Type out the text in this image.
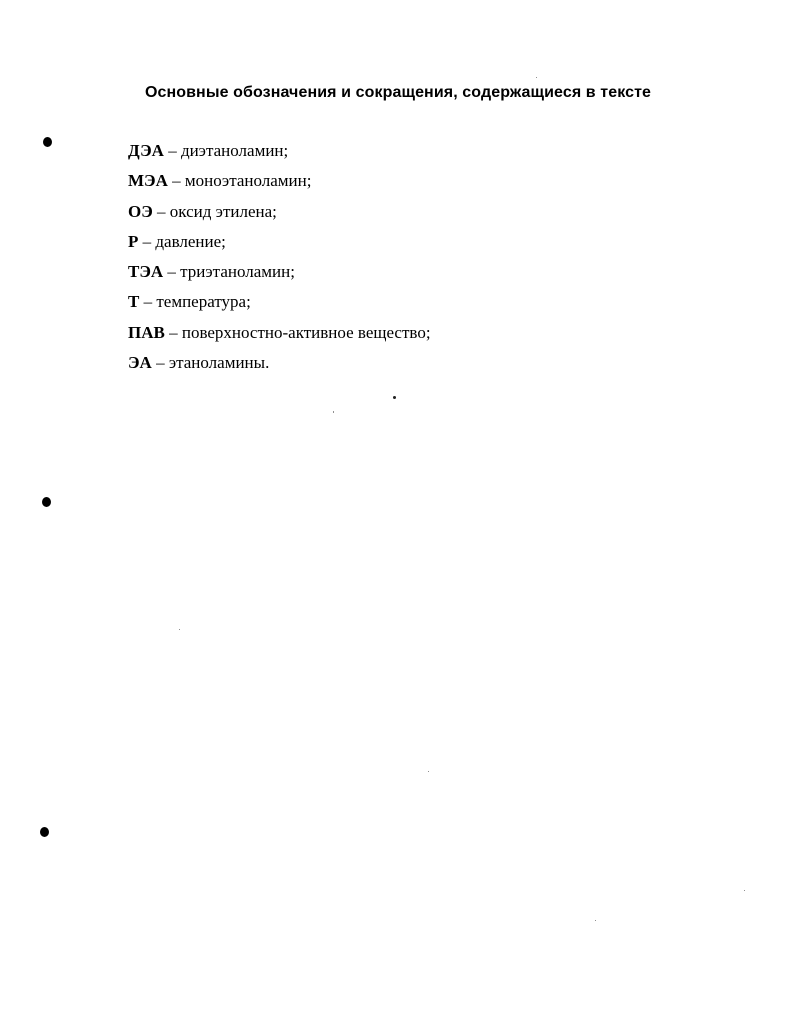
Основные обозначения и сокращения, содержащиеся в тексте
ДЭА – диэтаноламин;
МЭА – моноэтаноламин;
ОЭ – оксид этилена;
Р – давление;
ТЭА – триэтаноламин;
Т – температура;
ПАВ – поверхностно-активное вещество;
ЭА – этаноламины.
